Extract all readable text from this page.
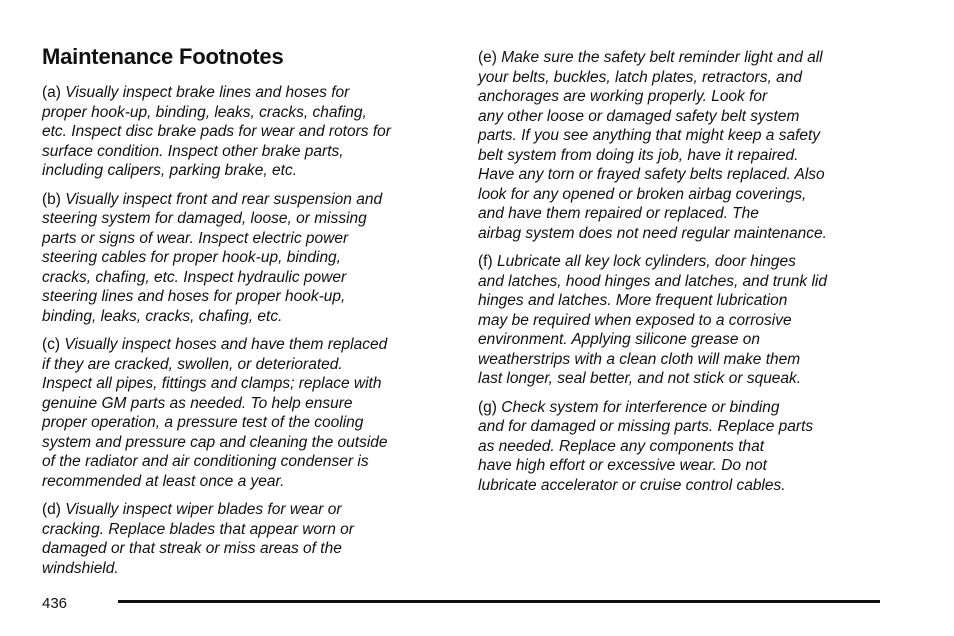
Maintenance Footnotes
(a) Visually inspect brake lines and hoses for
proper hook-up, binding, leaks, cracks, chafing,
etc. Inspect disc brake pads for wear and rotors for
surface condition. Inspect other brake parts,
including calipers, parking brake, etc.
(b) Visually inspect front and rear suspension and
steering system for damaged, loose, or missing
parts or signs of wear. Inspect electric power
steering cables for proper hook-up, binding,
cracks, chafing, etc. Inspect hydraulic power
steering lines and hoses for proper hook-up,
binding, leaks, cracks, chafing, etc.
(c) Visually inspect hoses and have them replaced
if they are cracked, swollen, or deteriorated.
Inspect all pipes, fittings and clamps; replace with
genuine GM parts as needed. To help ensure
proper operation, a pressure test of the cooling
system and pressure cap and cleaning the outside
of the radiator and air conditioning condenser is
recommended at least once a year.
(d) Visually inspect wiper blades for wear or
cracking. Replace blades that appear worn or
damaged or that streak or miss areas of the
windshield.
(e) Make sure the safety belt reminder light and all
your belts, buckles, latch plates, retractors, and
anchorages are working properly. Look for
any other loose or damaged safety belt system
parts. If you see anything that might keep a safety
belt system from doing its job, have it repaired.
Have any torn or frayed safety belts replaced. Also
look for any opened or broken airbag coverings,
and have them repaired or replaced. The
airbag system does not need regular maintenance.
(f) Lubricate all key lock cylinders, door hinges
and latches, hood hinges and latches, and trunk lid
hinges and latches. More frequent lubrication
may be required when exposed to a corrosive
environment. Applying silicone grease on
weatherstrips with a clean cloth will make them
last longer, seal better, and not stick or squeak.
(g) Check system for interference or binding
and for damaged or missing parts. Replace parts
as needed. Replace any components that
have high effort or excessive wear. Do not
lubricate accelerator or cruise control cables.
436
